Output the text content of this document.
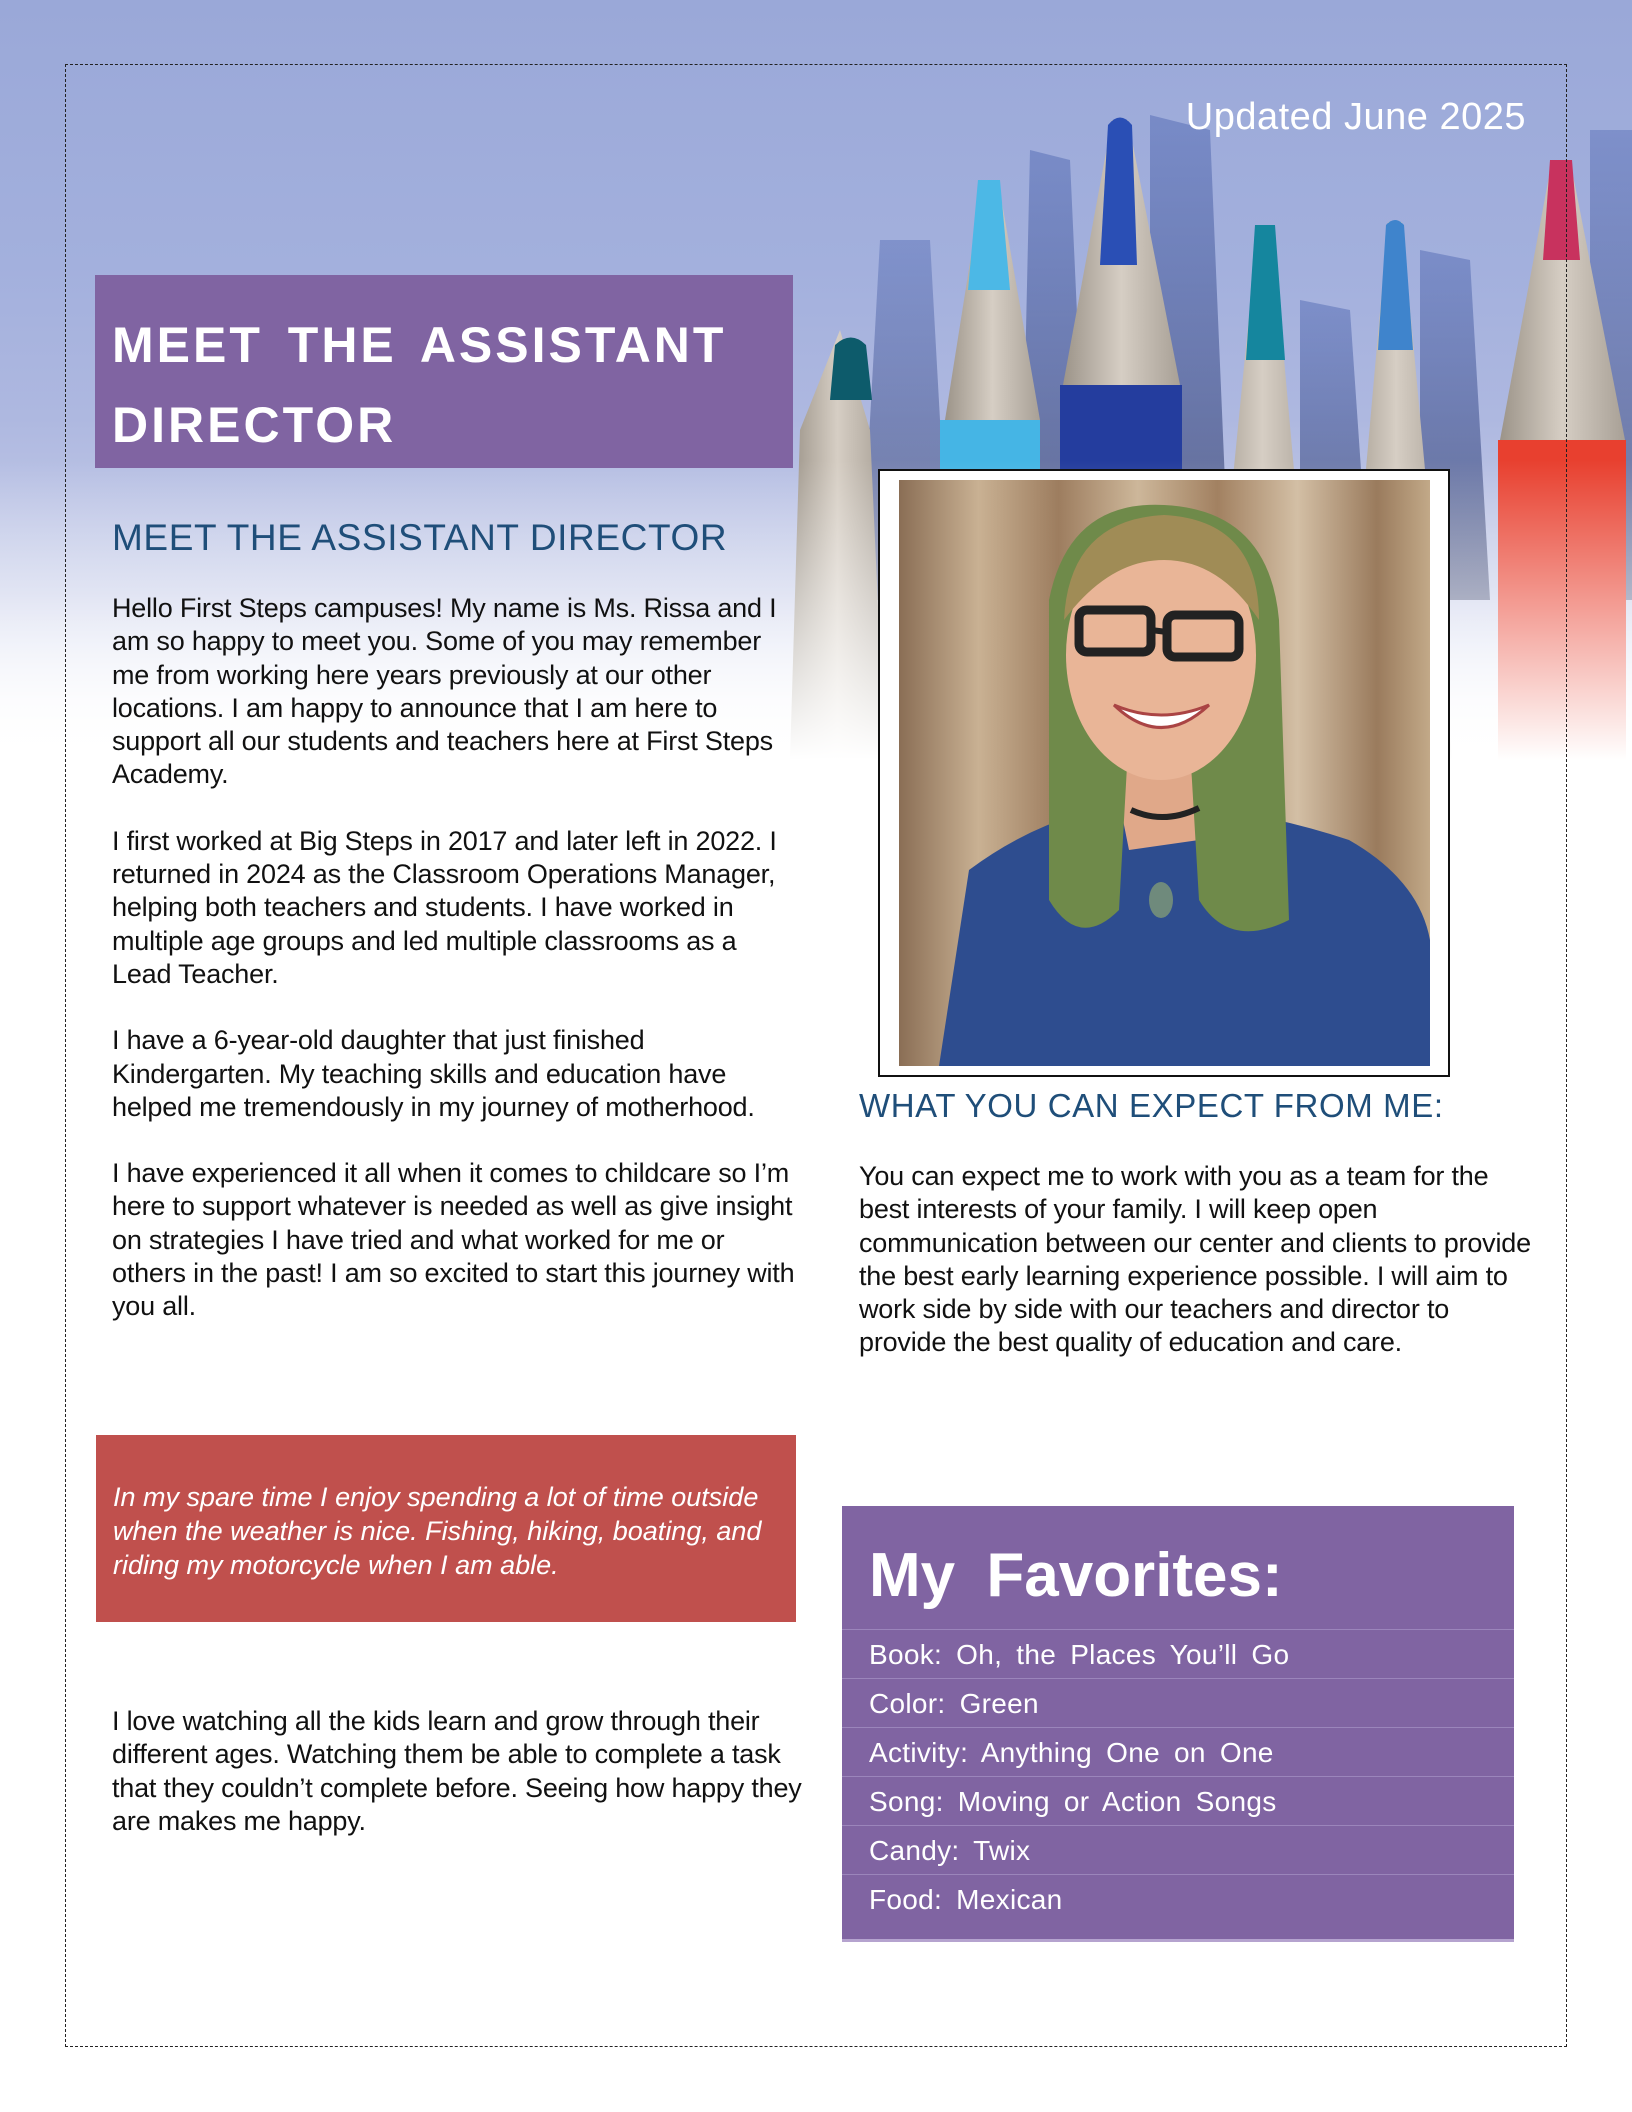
Updated June 2025
MEET THE ASSISTANT
DIRECTOR
MEET THE ASSISTANT DIRECTOR

Hello First Steps campuses! My name is Ms. Rissa and I am so happy to meet you. Some of you may remember me from working here years previously at our other locations. I am happy to announce that I am here to support all our students and teachers here at First Steps Academy.

I first worked at Big Steps in 2017 and later left in 2022. I returned in 2024 as the Classroom Operations Manager, helping both teachers and students. I have worked in multiple age groups and led multiple classrooms as a Lead Teacher.

I have a 6-year-old daughter that just finished Kindergarten. My teaching skills and education have helped me tremendously in my journey of motherhood.

I have experienced it all when it comes to childcare so I’m here to support whatever is needed as well as give insight on strategies I have tried and what worked for me or others in the past! I am so excited to start this journey with you all.

WHAT YOU CAN EXPECT FROM ME:

You can expect me to work with you as a team for the best interests of your family. I will keep open communication between our center and clients to provide the best early learning experience possible. I will aim to work side by side with our teachers and director to provide the best quality of education and care.

In my spare time I enjoy spending a lot of time outside when the weather is nice. Fishing, hiking, boating, and riding my motorcycle when I am able.

I love watching all the kids learn and grow through their different ages. Watching them be able to complete a task that they couldn’t complete before. Seeing how happy they are makes me happy.

My Favorites:
Book: Oh, the Places You’ll Go
Color: Green
Activity: Anything One on One
Song: Moving or Action Songs
Candy: Twix
Food: Mexican
